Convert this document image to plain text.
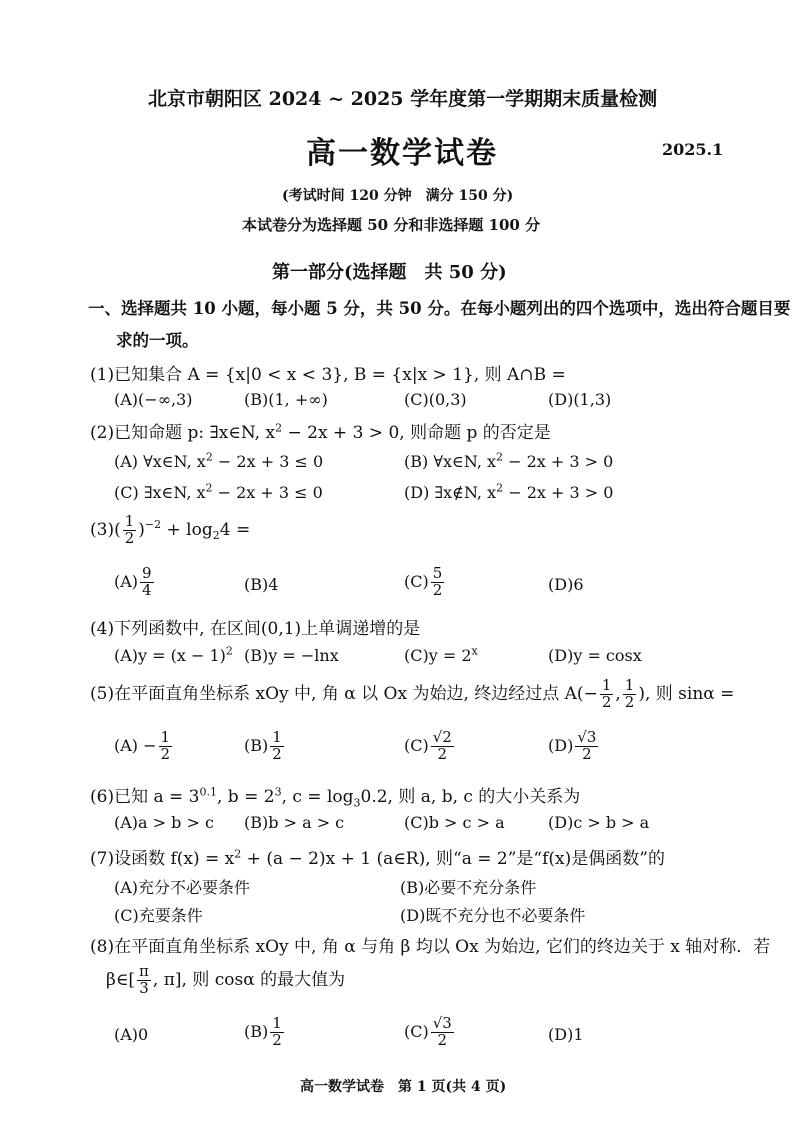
北京市朝阳区 2024 ~ 2025 学年度第一学期期末质量检测
高一数学试卷	2025.1
(考试时间 120 分钟　满分 150 分)
本试卷分为选择题 50 分和非选择题 100 分
第一部分(选择题　共 50 分)
一、选择题共 10 小题，每小题 5 分，共 50 分。在每小题列出的四个选项中，选出符合题目要
求的一项。
(1)已知集合 A = {x|0 < x < 3}, B = {x|x > 1}, 则 A∩B =
(A)(−∞,3)	(B)(1, +∞)	(C)(0,3)	(D)(1,3)
(2)已知命题 p: ∃x∈N, $x^2 - 2x + 3 > 0$, 则命题 p 的否定是
(A) ∀x∈N, $x^2 - 2x + 3 \le 0$	(B) ∀x∈N, $x^2 - 2x + 3 > 0$
(C) ∃x∈N, $x^2 - 2x + 3 \le 0$	(D) ∃x∉N, $x^2 - 2x + 3 > 0$
$(3)( \frac{1}{2} )^{-2} + \log_24$ =
$(A) \frac{9}{4}$	(B)4	$(C) \frac{5}{2}$	(D)6
(4)下列函数中, 在区间(0,1)上单调递增的是
$(A)y = (x - 1)^2$ (B)y = −lnx	$(C)y = 2^x$	(D)y = cosx
(5)在平面直角坐标系 xOy 中, 角 α 以 Ox 为始边, 终边经过点 $A(- \frac{1}{2}$ , $\frac{1}{2}$ ), 则 sinα =
$(A) - \frac{1}{2}$	$(B) \frac{1}{2}$	$(C) \frac{√2}{2}$	$(D) \frac{√3}{2}$
(6)已知 $a = 3^{0.1}$, $b = 2^3$, $c = \log_30.2$, 则 a, b, c 的大小关系为
(A)a > b > c (B)b > a > c	(C)b > c > a	(D)c > b > a
(7)设函数 $f(x) = x^2 + (a - 2)x + 1$ (a∈R), 则“a = 2”是“f(x)是偶函数”的
(A)充分不必要条件	(B)必要不充分条件
(C)充要条件	(D)既不充分也不必要条件
(8)在平面直角坐标系 xOy 中, 角 α 与角 β 均以 Ox 为始边, 它们的终边关于 x 轴对称．若
β∈[ $\frac{\pi}{3}$ , π], 则 cosα 的最大值为
(A)0	$(B) \frac{1}{2}$	$(C) \frac{√3}{2}$	(D)1
高一数学试卷　第 1 页(共 4 页)
